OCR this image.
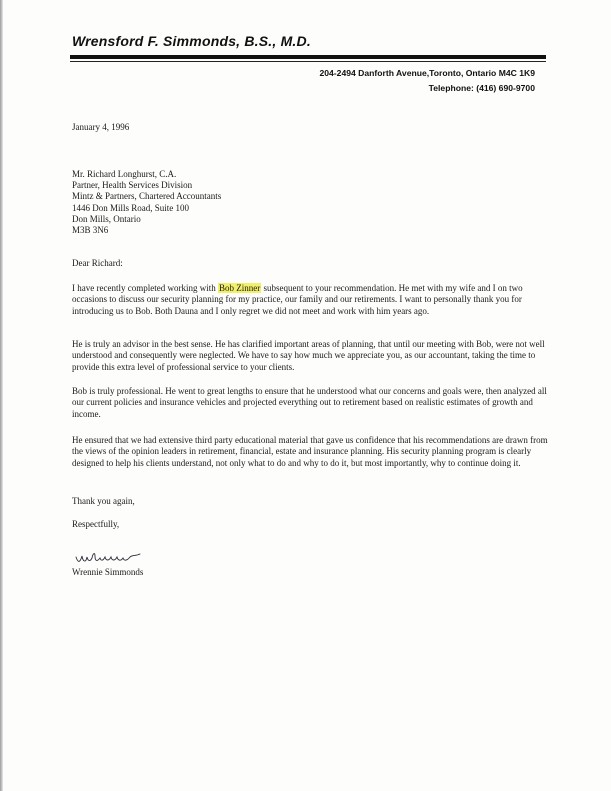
Wrensford F. Simmonds, B.S., M.D.
204-2494 Danforth Avenue,Toronto, Ontario M4C 1K9
Telephone: (416) 690-9700
January 4, 1996
Mr. Richard Longhurst, C.A.
Partner, Health Services Division
Mintz & Partners, Chartered Accountants
1446 Don Mills Road, Suite 100
Don Mills, Ontario
M3B 3N6
Dear Richard:

I have recently completed working with Bob Zinner subsequent to your recommendation. He met with my wife and I on two occasions to discuss our security planning for my practice, our family and our retirements. I want to personally thank you for introducing us to Bob. Both Dauna and I only regret we did not meet and work with him years ago.

He is truly an advisor in the best sense. He has clarified important areas of planning, that until our meeting with Bob, were not well understood and consequently were neglected. We have to say how much we appreciate you, as our accountant, taking the time to provide this extra level of professional service to your clients.

Bob is truly professional. He went to great lengths to ensure that he understood what our concerns and goals were, then analyzed all our current policies and insurance vehicles and projected everything out to retirement based on realistic estimates of growth and income.

He ensured that we had extensive third party educational material that gave us confidence that his recommendations are drawn from the views of the opinion leaders in retirement, financial, estate and insurance planning. His security planning program is clearly designed to help his clients understand, not only what to do and why to do it, but most importantly, why to continue doing it.

Thank you again,
Respectfully,
Wrennie Simmonds
